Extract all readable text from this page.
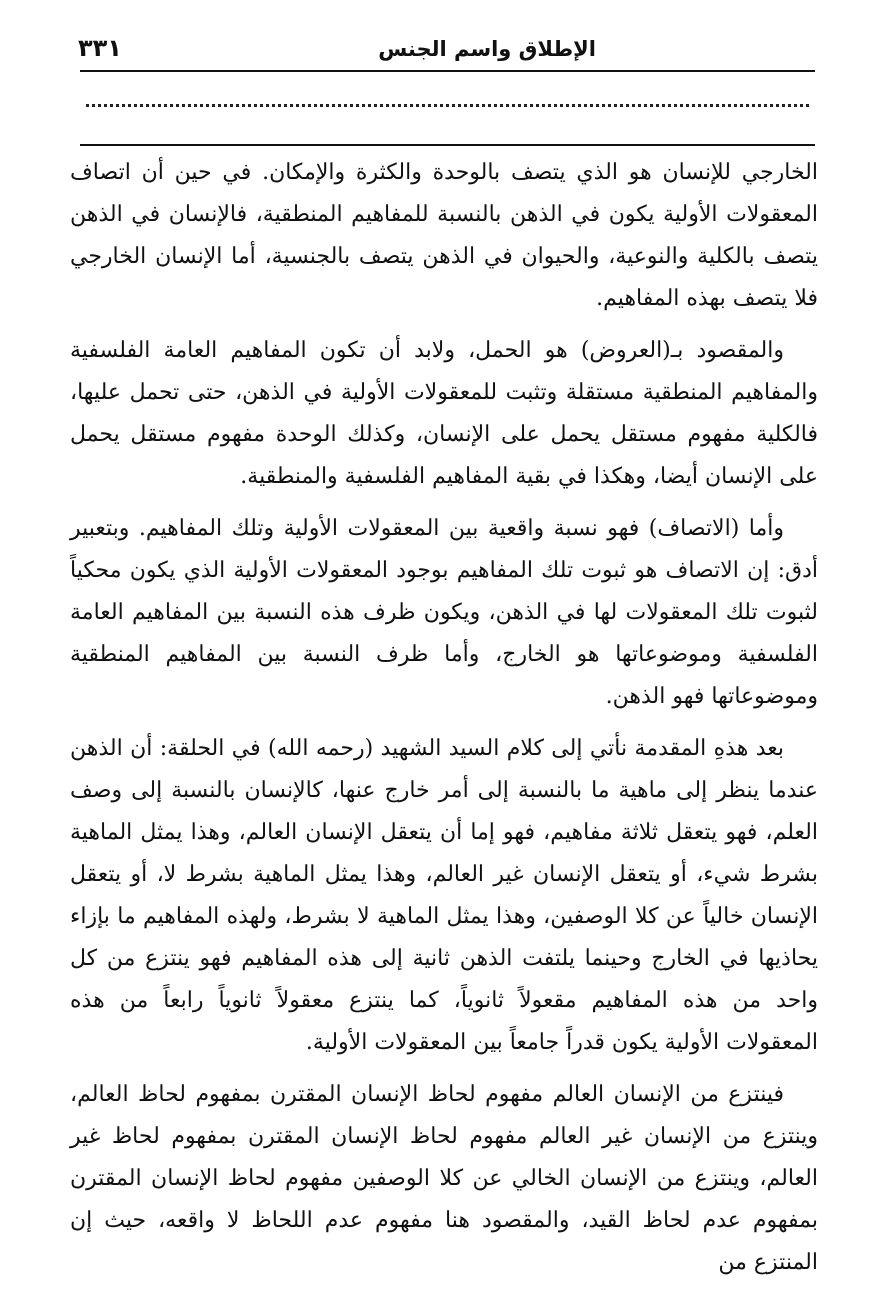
الإطلاق واسم الجنس
٣٣١

الخارجي للإنسان هو الذي يتصف بالوحدة والكثرة والإمكان. في حين أن اتصاف المعقولات الأولية يكون في الذهن بالنسبة للمفاهيم المنطقية، فالإنسان في الذهن يتصف بالكلية والنوعية، والحيوان في الذهن يتصف بالجنسية، أما الإنسان الخارجي فلا يتصف بهذه المفاهيم.

والمقصود بـ(العروض) هو الحمل، ولابد أن تكون المفاهيم العامة الفلسفية والمفاهيم المنطقية مستقلة وتثبت للمعقولات الأولية في الذهن، حتى تحمل عليها، فالكلية مفهوم مستقل يحمل على الإنسان، وكذلك الوحدة مفهوم مستقل يحمل على الإنسان أيضا، وهكذا في بقية المفاهيم الفلسفية والمنطقية.

وأما (الاتصاف) فهو نسبة واقعية بين المعقولات الأولية وتلك المفاهيم. وبتعبير أدق: إن الاتصاف هو ثبوت تلك المفاهيم بوجود المعقولات الأولية الذي يكون محكياً لثبوت تلك المعقولات لها في الذهن، ويكون ظرف هذه النسبة بين المفاهيم العامة الفلسفية وموضوعاتها هو الخارج، وأما ظرف النسبة بين المفاهيم المنطقية وموضوعاتها فهو الذهن.

بعد هذهِ المقدمة نأتي إلى كلام السيد الشهيد (رحمه الله) في الحلقة: أن الذهن عندما ينظر إلى ماهية ما بالنسبة إلى أمر خارج عنها، كالإنسان بالنسبة إلى وصف العلم، فهو يتعقل ثلاثة مفاهيم، فهو إما أن يتعقل الإنسان العالم، وهذا يمثل الماهية بشرط شيء، أو يتعقل الإنسان غير العالم، وهذا يمثل الماهية بشرط لا، أو يتعقل الإنسان خالياً عن كلا الوصفين، وهذا يمثل الماهية لا بشرط، ولهذه المفاهيم ما بإزاء يحاذيها في الخارج وحينما يلتفت الذهن ثانية إلى هذه المفاهيم فهو ينتزع من كل واحد من هذه المفاهيم مقعولاً ثانوياً، كما ينتزع معقولاً ثانوياً رابعاً من هذه المعقولات الأولية يكون قدراً جامعاً بين المعقولات الأولية.

فينتزع من الإنسان العالم مفهوم لحاظ الإنسان المقترن بمفهوم لحاظ العالم، وينتزع من الإنسان غير العالم مفهوم لحاظ الإنسان المقترن بمفهوم لحاظ غير العالم، وينتزع من الإنسان الخالي عن كلا الوصفين مفهوم لحاظ الإنسان المقترن بمفهوم عدم لحاظ القيد، والمقصود هنا مفهوم عدم اللحاظ لا واقعه، حيث إن المنتزع من
